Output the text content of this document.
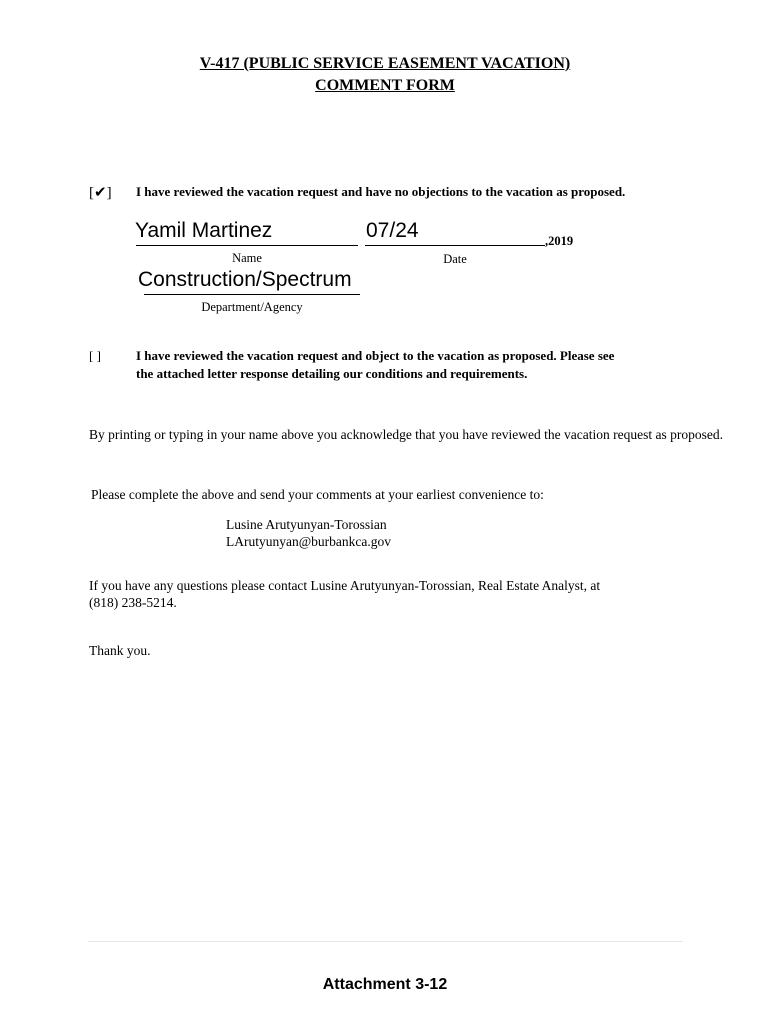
V-417 (PUBLIC SERVICE EASEMENT VACATION)
COMMENT FORM
[✔] I have reviewed the vacation request and have no objections to the vacation as proposed.
Yamil Martinez
Name
07/24	,2019
Date
Construction/Spectrum
Department/Agency
[ ]	I have reviewed the vacation request and object to the vacation as proposed. Please see
the attached letter response detailing our conditions and requirements.
By printing or typing in your name above you acknowledge that you have reviewed the vacation request as proposed.
Please complete the above and send your comments at your earliest convenience to:
Lusine Arutyunyan-Torossian
LArutyunyan@burbankca.gov
If you have any questions please contact Lusine Arutyunyan-Torossian, Real Estate Analyst, at
(818) 238-5214.
Thank you.
Attachment 3-12
